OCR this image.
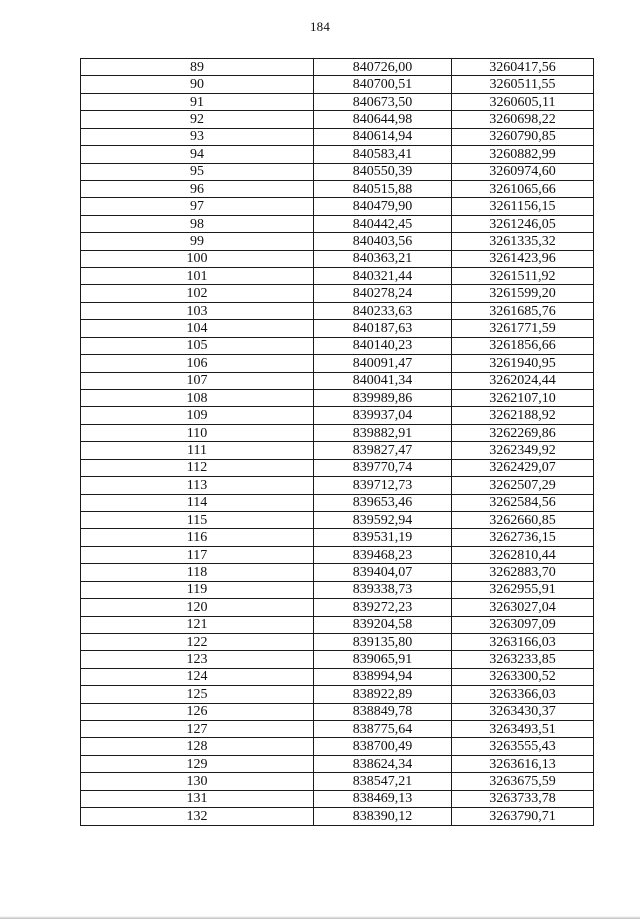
184
89	840726,00	3260417,56
90	840700,51	3260511,55
91	840673,50	3260605,11
92	840644,98	3260698,22
93	840614,94	3260790,85
94	840583,41	3260882,99
95	840550,39	3260974,60
96	840515,88	3261065,66
97	840479,90	3261156,15
98	840442,45	3261246,05
99	840403,56	3261335,32
100	840363,21	3261423,96
101	840321,44	3261511,92
102	840278,24	3261599,20
103	840233,63	3261685,76
104	840187,63	3261771,59
105	840140,23	3261856,66
106	840091,47	3261940,95
107	840041,34	3262024,44
108	839989,86	3262107,10
109	839937,04	3262188,92
110	839882,91	3262269,86
111	839827,47	3262349,92
112	839770,74	3262429,07
113	839712,73	3262507,29
114	839653,46	3262584,56
115	839592,94	3262660,85
116	839531,19	3262736,15
117	839468,23	3262810,44
118	839404,07	3262883,70
119	839338,73	3262955,91
120	839272,23	3263027,04
121	839204,58	3263097,09
122	839135,80	3263166,03
123	839065,91	3263233,85
124	838994,94	3263300,52
125	838922,89	3263366,03
126	838849,78	3263430,37
127	838775,64	3263493,51
128	838700,49	3263555,43
129	838624,34	3263616,13
130	838547,21	3263675,59
131	838469,13	3263733,78
132	838390,12	3263790,71
